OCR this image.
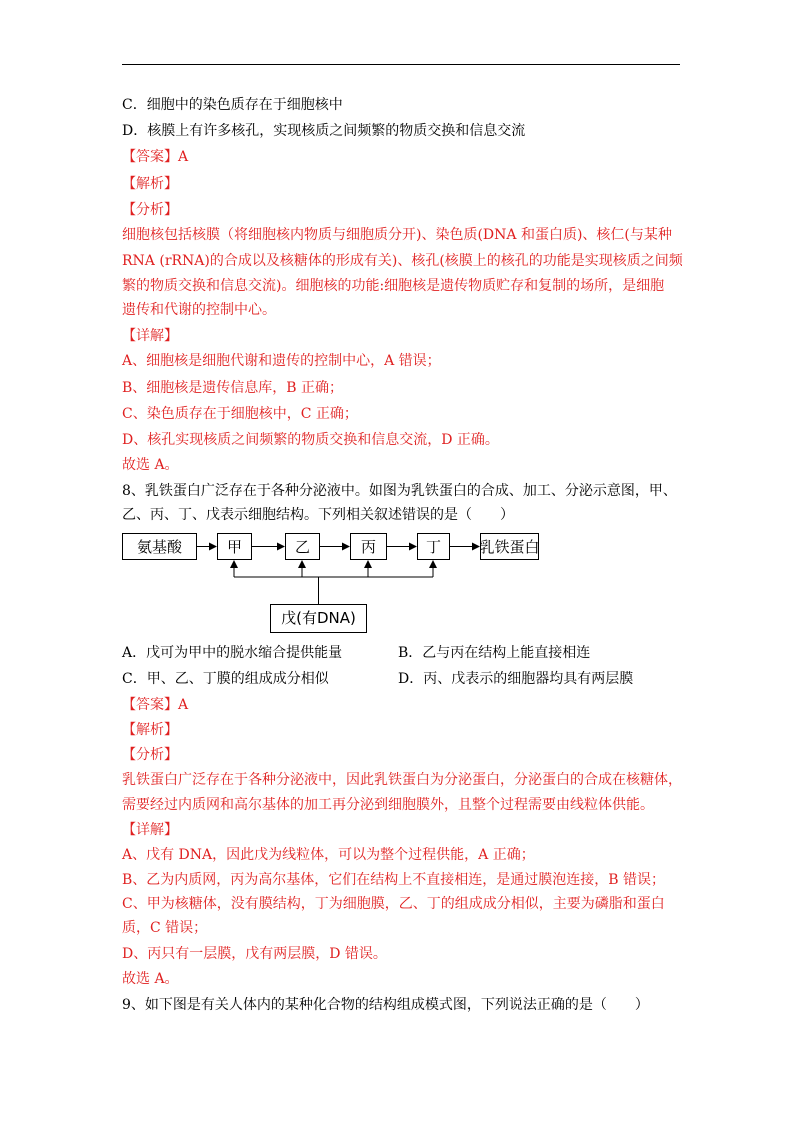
C．细胞中的染色质存在于细胞核中
D．核膜上有许多核孔，实现核质之间频繁的物质交换和信息交流
【答案】A
【解析】
【分析】
细胞核包括核膜（将细胞核内物质与细胞质分开)、染色质(DNA 和蛋白质)、核仁(与某种
RNA (rRNA)的合成以及核糖体的形成有关)、核孔(核膜上的核孔的功能是实现核质之间频
繁的物质交换和信息交流)。细胞核的功能:细胞核是遗传物质贮存和复制的场所，是细胞
遗传和代谢的控制中心。
【详解】
A、细胞核是细胞代谢和遗传的控制中心，A 错误；
B、细胞核是遗传信息库，B 正确；
C、染色质存在于细胞核中，C 正确；
D、核孔实现核质之间频繁的物质交换和信息交流，D 正确。
故选 A。
8、乳铁蛋白广泛存在于各种分泌液中。如图为乳铁蛋白的合成、加工、分泌示意图，甲、
乙、丙、丁、戊表示细胞结构。下列相关叙述错误的是（　　）
氨基酸	甲	乙	丙	丁	乳铁蛋白
戊(有DNA)
A．戊可为甲中的脱水缩合提供能量	B．乙与丙在结构上能直接相连
C．甲、乙、丁膜的组成成分相似	D．丙、戊表示的细胞器均具有两层膜
【答案】A
【解析】
【分析】
乳铁蛋白广泛存在于各种分泌液中，因此乳铁蛋白为分泌蛋白，分泌蛋白的合成在核糖体，
需要经过内质网和高尔基体的加工再分泌到细胞膜外，且整个过程需要由线粒体供能。
【详解】
A、戊有 DNA，因此戊为线粒体，可以为整个过程供能，A 正确；
B、乙为内质网，丙为高尔基体，它们在结构上不直接相连，是通过膜泡连接，B 错误；
C、甲为核糖体，没有膜结构，丁为细胞膜，乙、丁的组成成分相似，主要为磷脂和蛋白
质，C 错误；
D、丙只有一层膜，戊有两层膜，D 错误。
故选 A。
9、如下图是有关人体内的某种化合物的结构组成模式图，下列说法正确的是（　　）
